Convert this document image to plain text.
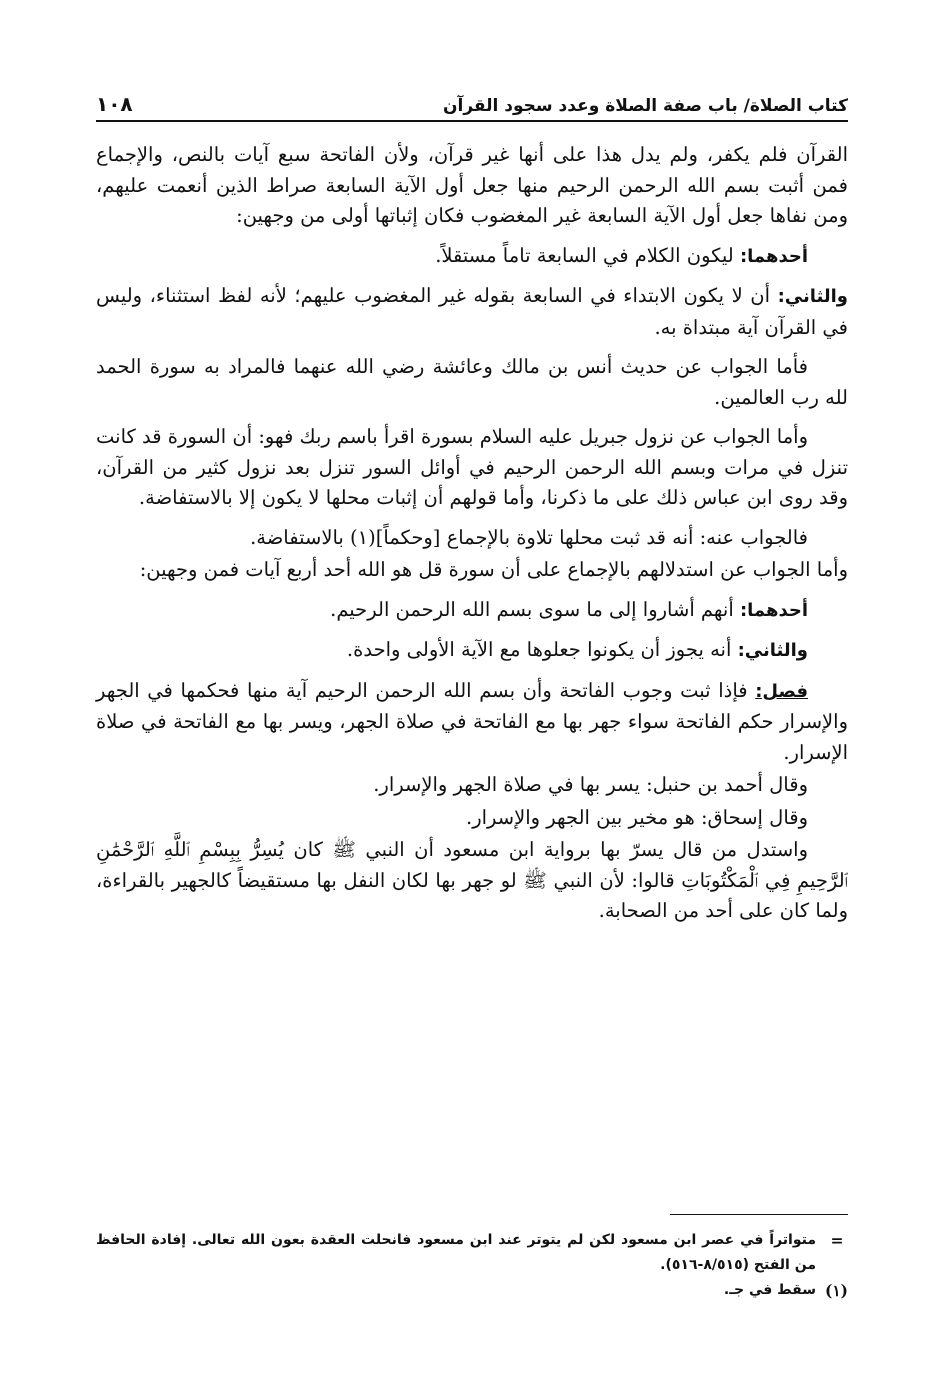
كتاب الصلاة/ باب صفة الصلاة وعدد سجود القرآن
١٠٨

القرآن فلم يكفر، ولم يدل هذا على أنها غير قرآن، ولأن الفاتحة سبع آيات بالنص، والإجماع فمن أثبت بسم الله الرحمن الرحيم منها جعل أول الآية السابعة صراط الذين أنعمت عليهم، ومن نفاها جعل أول الآية السابعة غير المغضوب فكان إثباتها أولى من وجهين:

أحدهما: ليكون الكلام في السابعة تاماً مستقلاً.

والثاني: أن لا يكون الابتداء في السابعة بقوله غير المغضوب عليهم؛ لأنه لفظ استثناء، وليس في القرآن آية مبتداة به.

فأما الجواب عن حديث أنس بن مالك وعائشة رضي الله عنهما فالمراد به سورة الحمد لله رب العالمين.

وأما الجواب عن نزول جبريل عليه السلام بسورة اقرأ باسم ربك فهو: أن السورة قد كانت تنزل في مرات وبسم الله الرحمن الرحيم في أوائل السور تنزل بعد نزول كثير من القرآن، وقد روى ابن عباس ذلك على ما ذكرنا، وأما قولهم أن إثبات محلها لا يكون إلا بالاستفاضة.

فالجواب عنه: أنه قد ثبت محلها تلاوة بالإجماع [وحكماً](١) بالاستفاضة.

وأما الجواب عن استدلالهم بالإجماع على أن سورة قل هو الله أحد أربع آيات فمن وجهين:

أحدهما: أنهم أشاروا إلى ما سوى بسم الله الرحمن الرحيم.

والثاني: أنه يجوز أن يكونوا جعلوها مع الآية الأولى واحدة.

فصل: فإذا ثبت وجوب الفاتحة وأن بسم الله الرحمن الرحيم آية منها فحكمها في الجهر والإسرار حكم الفاتحة سواء جهر بها مع الفاتحة في صلاة الجهر، ويسر بها مع الفاتحة في صلاة الإسرار.

وقال أحمد بن حنبل: يسر بها في صلاة الجهر والإسرار.

وقال إسحاق: هو مخير بين الجهر والإسرار.

واستدل من قال يسرّ بها برواية ابن مسعود أن النبي ﷺ كان يُسِرُّ بِبِسْمِ ٱللَّهِ ٱلرَّحْمَٰنِ ٱلرَّحِيمِ فِي ٱلْمَكْتُوبَاتِ قالوا: لأن النبي ﷺ لو جهر بها لكان النفل بها مستقيضاً كالجهير بالقراءة، ولما كان على أحد من الصحابة.

=
متواتراً في عصر ابن مسعود لكن لم يتوتر عند ابن مسعود فانحلت العقدة بعون الله تعالى. إفادة الحافظ من الفتح (٨/٥١٥-٥١٦).
(١)
سقط في جـ.
